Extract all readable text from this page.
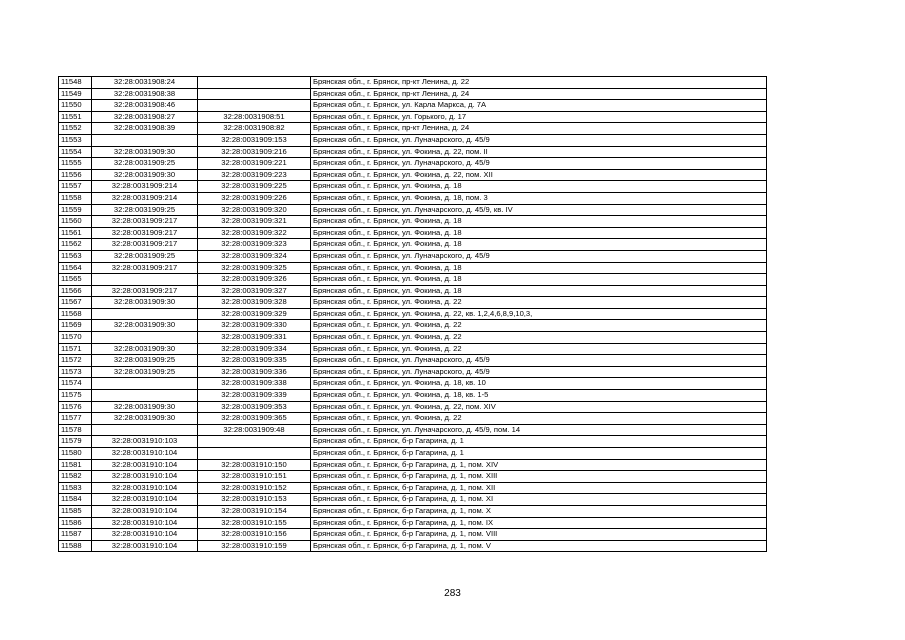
11548	32:28:0031908:24		Брянская обл., г. Брянск, пр-кт Ленина, д. 22
11549	32:28:0031908:38		Брянская обл., г. Брянск, пр-кт Ленина, д. 24
11550	32:28:0031908:46		Брянская обл., г. Брянск, ул. Карла Маркса, д. 7А
11551	32:28:0031908:27	32:28:0031908:51	Брянская обл., г. Брянск, ул. Горького, д. 17
11552	32:28:0031908:39	32:28:0031908:82	Брянская обл., г. Брянск, пр-кт Ленина, д. 24
11553		32:28:0031909:153	Брянская обл., г. Брянск, ул. Луначарского, д. 45/9
11554	32:28:0031909:30	32:28:0031909:216	Брянская обл., г. Брянск, ул. Фокина, д. 22, пом. II
11555	32:28:0031909:25	32:28:0031909:221	Брянская обл., г. Брянск, ул. Луначарского, д. 45/9
11556	32:28:0031909:30	32:28:0031909:223	Брянская обл., г. Брянск, ул. Фокина, д. 22, пом. XII
11557	32:28:0031909:214	32:28:0031909:225	Брянская обл., г. Брянск, ул. Фокина, д. 18
11558	32:28:0031909:214	32:28:0031909:226	Брянская обл., г. Брянск, ул. Фокина, д. 18, пом. 3
11559	32:28:0031909:25	32:28:0031909:320	Брянская обл., г. Брянск, ул. Луначарского, д. 45/9, кв. IV
11560	32:28:0031909:217	32:28:0031909:321	Брянская обл., г. Брянск, ул. Фокина, д. 18
11561	32:28:0031909:217	32:28:0031909:322	Брянская обл., г. Брянск, ул. Фокина, д. 18
11562	32:28:0031909:217	32:28:0031909:323	Брянская обл., г. Брянск, ул. Фокина, д. 18
11563	32:28:0031909:25	32:28:0031909:324	Брянская обл., г. Брянск, ул. Луначарского, д. 45/9
11564	32:28:0031909:217	32:28:0031909:325	Брянская обл., г. Брянск, ул. Фокина, д. 18
11565		32:28:0031909:326	Брянская обл., г. Брянск, ул. Фокина, д. 18
11566	32:28:0031909:217	32:28:0031909:327	Брянская обл., г. Брянск, ул. Фокина, д. 18
11567	32:28:0031909:30	32:28:0031909:328	Брянская обл., г. Брянск, ул. Фокина, д. 22
11568		32:28:0031909:329	Брянская обл., г. Брянск, ул. Фокина, д. 22, кв. 1,2,4,6,8,9,10,3,
11569	32:28:0031909:30	32:28:0031909:330	Брянская обл., г. Брянск, ул. Фокина, д. 22
11570		32:28:0031909:331	Брянская обл., г. Брянск, ул. Фокина, д. 22
11571	32:28:0031909:30	32:28:0031909:334	Брянская обл., г. Брянск, ул. Фокина, д. 22
11572	32:28:0031909:25	32:28:0031909:335	Брянская обл., г. Брянск, ул. Луначарского, д. 45/9
11573	32:28:0031909:25	32:28:0031909:336	Брянская обл., г. Брянск, ул. Луначарского, д. 45/9
11574		32:28:0031909:338	Брянская обл., г. Брянск, ул. Фокина, д. 18, кв. 10
11575		32:28:0031909:339	Брянская обл., г. Брянск, ул. Фокина, д. 18, кв. 1-5
11576	32:28:0031909:30	32:28:0031909:353	Брянская обл., г. Брянск, ул. Фокина, д. 22, пом. XIV
11577	32:28:0031909:30	32:28:0031909:365	Брянская обл., г. Брянск, ул. Фокина, д. 22
11578		32:28:0031909:48	Брянская обл., г. Брянск, ул. Луначарского, д. 45/9, пом. 14
11579	32:28:0031910:103		Брянская обл., г. Брянск, б-р Гагарина, д. 1
11580	32:28:0031910:104		Брянская обл., г. Брянск, б-р Гагарина, д. 1
11581	32:28:0031910:104	32:28:0031910:150	Брянская обл., г. Брянск, б-р Гагарина, д. 1, пом. XIV
11582	32:28:0031910:104	32:28:0031910:151	Брянская обл., г. Брянск, б-р Гагарина, д. 1, пом. XIII
11583	32:28:0031910:104	32:28:0031910:152	Брянская обл., г. Брянск, б-р Гагарина, д. 1, пом. XII
11584	32:28:0031910:104	32:28:0031910:153	Брянская обл., г. Брянск, б-р Гагарина, д. 1, пом. XI
11585	32:28:0031910:104	32:28:0031910:154	Брянская обл., г. Брянск, б-р Гагарина, д. 1, пом. X
11586	32:28:0031910:104	32:28:0031910:155	Брянская обл., г. Брянск, б-р Гагарина, д. 1, пом. IX
11587	32:28:0031910:104	32:28:0031910:156	Брянская обл., г. Брянск, б-р Гагарина, д. 1, пом. VIII
11588	32:28:0031910:104	32:28:0031910:159	Брянская обл., г. Брянск, б-р Гагарина, д. 1, пом. V
283
